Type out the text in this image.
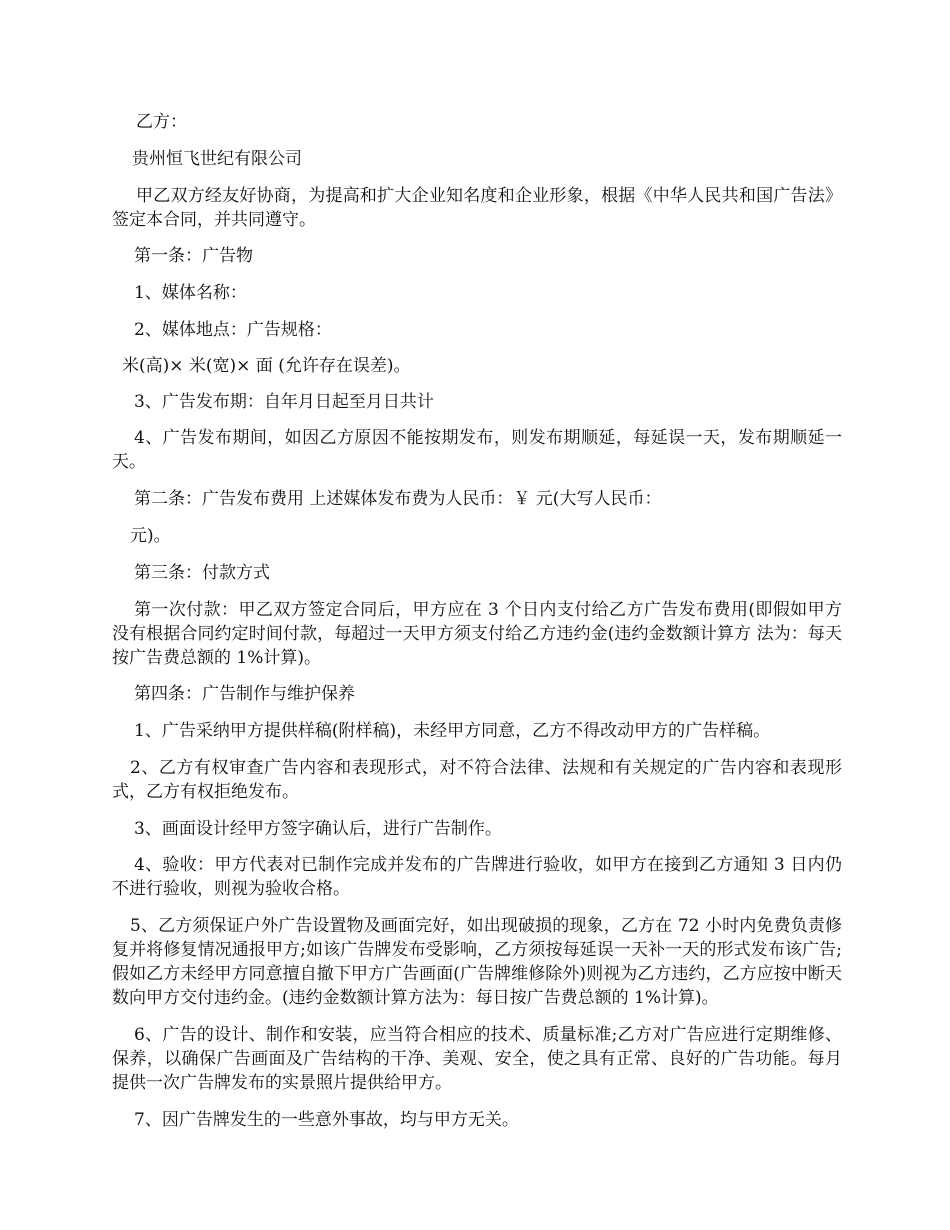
乙方：

贵州恒飞世纪有限公司

甲乙双方经友好协商，为提高和扩大企业知名度和企业形象，根据《中华人民共和国广告法》签定本合同，并共同遵守。

第一条：广告物

1、媒体名称：

2、媒体地点：广告规格：

米(高)× 米(宽)× 面 (允许存在误差)。

3、广告发布期：自年月日起至月日共计

4、广告发布期间，如因乙方原因不能按期发布，则发布期顺延，每延误一天，发布期顺延一天。

第二条：广告发布费用 上述媒体发布费为人民币：￥ 元(大写人民币：

元)。

第三条：付款方式

第一次付款：甲乙双方签定合同后，甲方应在 3 个日内支付给乙方广告发布费用(即假如甲方没有根据合同约定时间付款，每超过一天甲方须支付给乙方违约金(违约金数额计算方 法为：每天按广告费总额的 1%计算)。

第四条：广告制作与维护保养

1、广告采纳甲方提供样稿(附样稿)，未经甲方同意，乙方不得改动甲方的广告样稿。

2、乙方有权审查广告内容和表现形式，对不符合法律、法规和有关规定的广告内容和表现形式，乙方有权拒绝发布。

3、画面设计经甲方签字确认后，进行广告制作。

4、验收：甲方代表对已制作完成并发布的广告牌进行验收，如甲方在接到乙方通知 3 日内仍不进行验收，则视为验收合格。

5、乙方须保证户外广告设置物及画面完好，如出现破损的现象，乙方在 72 小时内免费负责修复并将修复情况通报甲方;如该广告牌发布受影响，乙方须按每延误一天补一天的形式发布该广告;假如乙方未经甲方同意擅自撤下甲方广告画面(广告牌维修除外)则视为乙方违约，乙方应按中断天数向甲方交付违约金。(违约金数额计算方法为：每日按广告费总额的 1%计算)。

6、广告的设计、制作和安装，应当符合相应的技术、质量标准;乙方对广告应进行定期维修、保养，以确保广告画面及广告结构的干净、美观、安全，使之具有正常、良好的广告功能。每月提供一次广告牌发布的实景照片提供给甲方。

7、因广告牌发生的一些意外事故，均与甲方无关。
